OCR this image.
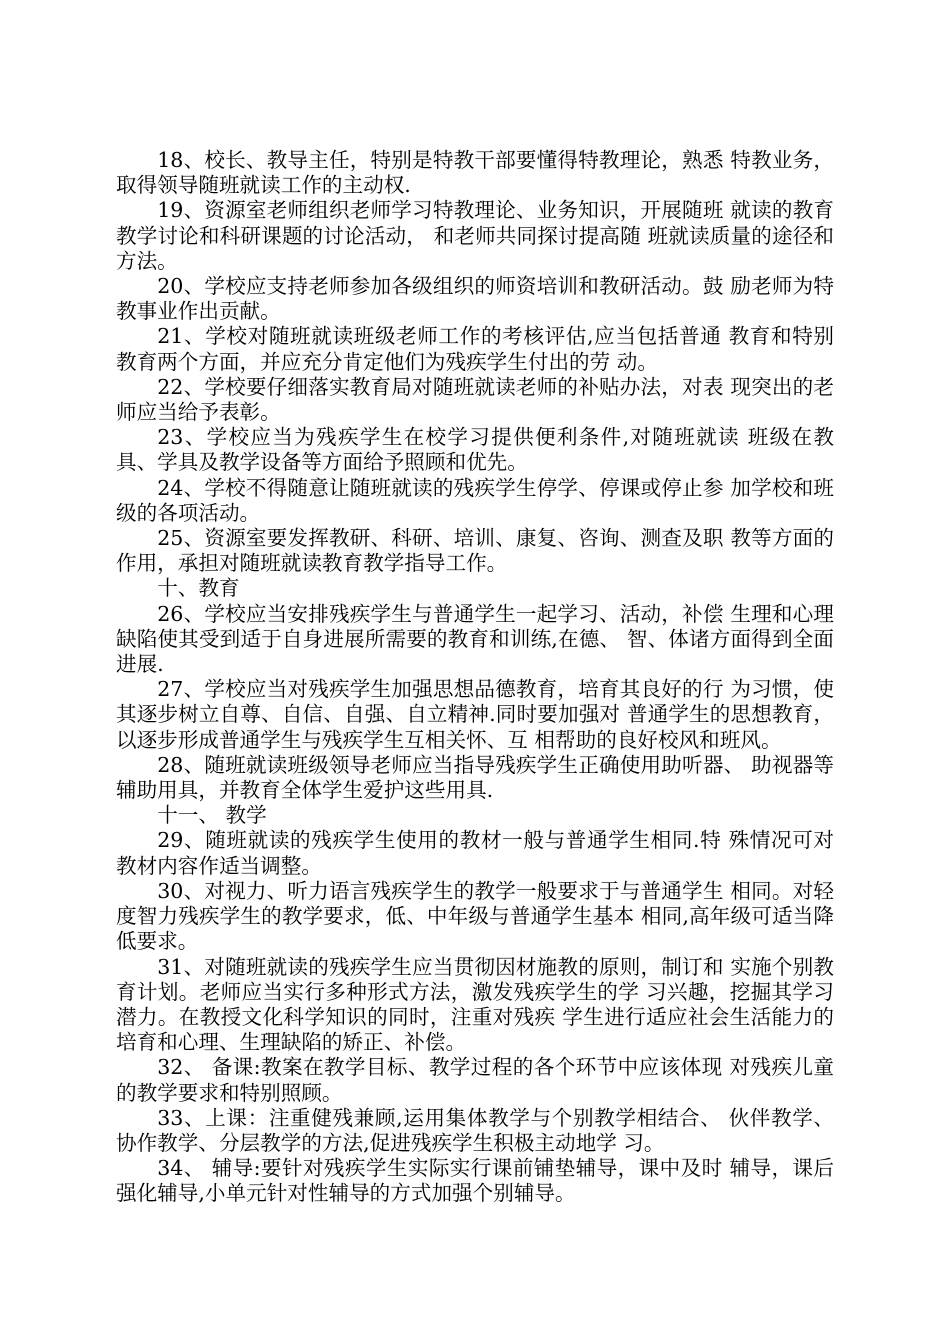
18、校长、教导主任，特别是特教干部要懂得特教理论，熟悉 特教业务，取得领导随班就读工作的主动权.

19、资源室老师组织老师学习特教理论、业务知识，开展随班 就读的教育教学讨论和科研课题的讨论活动， 和老师共同探讨提高随 班就读质量的途径和方法。

20、学校应支持老师参加各级组织的师资培训和教研活动。鼓 励老师为特教事业作出贡献。

21、学校对随班就读班级老师工作的考核评估,应当包括普通 教育和特别教育两个方面，并应充分肯定他们为残疾学生付出的劳 动。

22、学校要仔细落实教育局对随班就读老师的补贴办法，对表 现突出的老师应当给予表彰。

23、学校应当为残疾学生在校学习提供便利条件,对随班就读 班级在教具、学具及教学设备等方面给予照顾和优先。

24、学校不得随意让随班就读的残疾学生停学、停课或停止参 加学校和班级的各项活动。

25、资源室要发挥教研、科研、培训、康复、咨询、测查及职 教等方面的作用，承担对随班就读教育教学指导工作。

十、教育

26、学校应当安排残疾学生与普通学生一起学习、活动，补偿 生理和心理缺陷使其受到适于自身进展所需要的教育和训练,在德、 智、体诸方面得到全面进展.

27、学校应当对残疾学生加强思想品德教育，培育其良好的行 为习惯，使其逐步树立自尊、自信、自强、自立精神.同时要加强对 普通学生的思想教育，以逐步形成普通学生与残疾学生互相关怀、互 相帮助的良好校风和班风。

28、随班就读班级领导老师应当指导残疾学生正确使用助听器、 助视器等辅助用具，并教育全体学生爱护这些用具.

十一、 教学

29、随班就读的残疾学生使用的教材一般与普通学生相同.特 殊情况可对教材内容作适当调整。

30、对视力、听力语言残疾学生的教学一般要求于与普通学生 相同。对轻度智力残疾学生的教学要求，低、中年级与普通学生基本 相同,高年级可适当降低要求。

31、对随班就读的残疾学生应当贯彻因材施教的原则，制订和 实施个别教育计划。老师应当实行多种形式方法，激发残疾学生的学 习兴趣，挖掘其学习潜力。在教授文化科学知识的同时，注重对残疾 学生进行适应社会生活能力的培育和心理、生理缺陷的矫正、补偿。

32、 备课:教案在教学目标、教学过程的各个环节中应该体现 对残疾儿童的教学要求和特别照顾。

33、上课：注重健残兼顾,运用集体教学与个别教学相结合、 伙伴教学、协作教学、分层教学的方法,促进残疾学生积极主动地学 习。

34、 辅导:要针对残疾学生实际实行课前铺垫辅导，课中及时 辅导，课后强化辅导,小单元针对性辅导的方式加强个别辅导。
